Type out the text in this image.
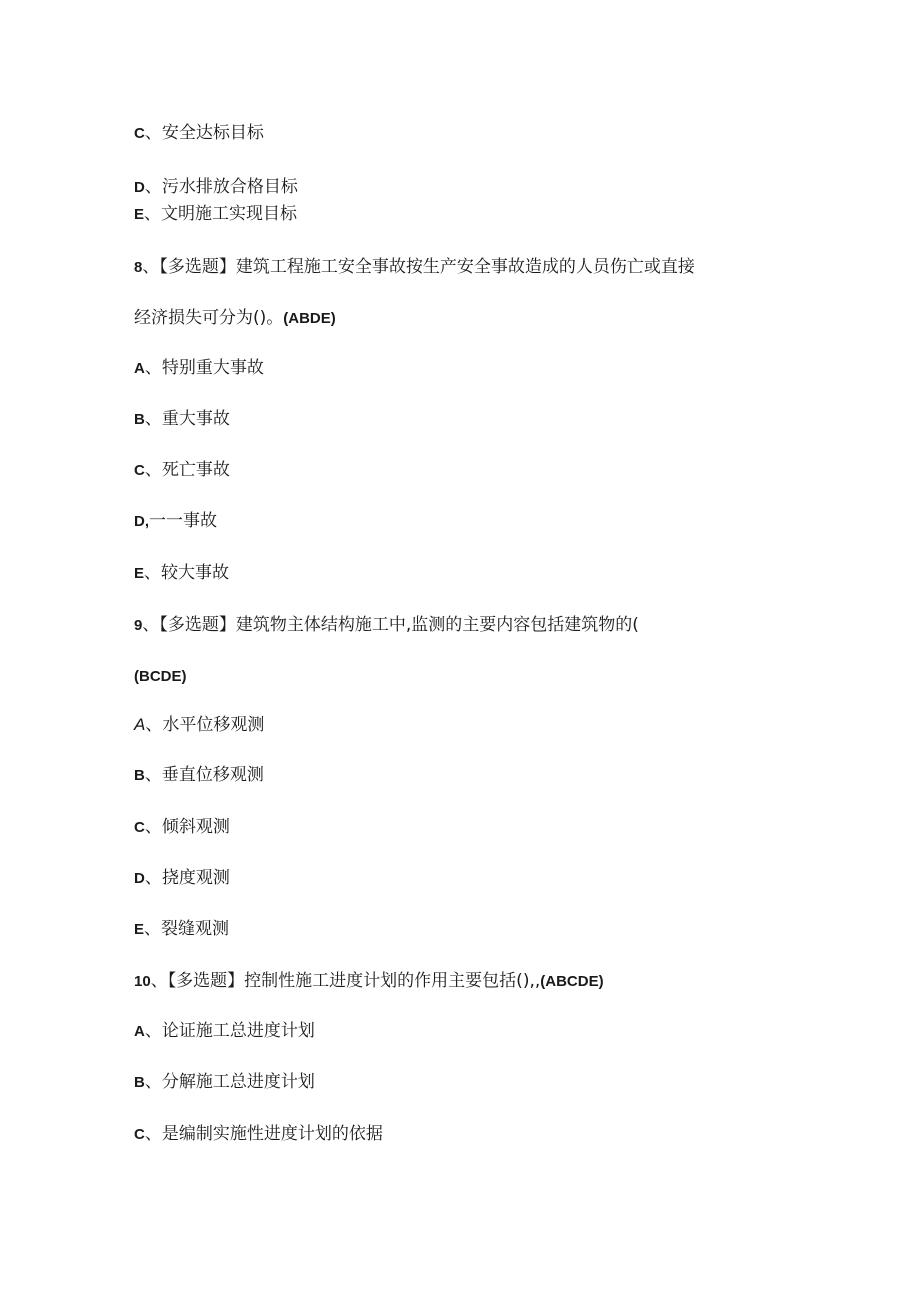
C、安全达标目标
D、污水排放合格目标
E、文明施工实现目标
8、【多选题】建筑工程施工安全事故按生产安全事故造成的人员伤亡或直接
经济损失可分为()。(ABDE)
A、特别重大事故
B、重大事故
C、死亡事故
D,一一事故
E、较大事故
9、【多选题】建筑物主体结构施工中,监测的主要内容包括建筑物的(
(BCDE)
A、水平位移观测
B、垂直位移观测
C、倾斜观测
D、挠度观测
E、裂缝观测
10、【多选题】控制性施工进度计划的作用主要包括(),,(ABCDE)
A、论证施工总进度计划
B、分解施工总进度计划
C、是编制实施性进度计划的依据
